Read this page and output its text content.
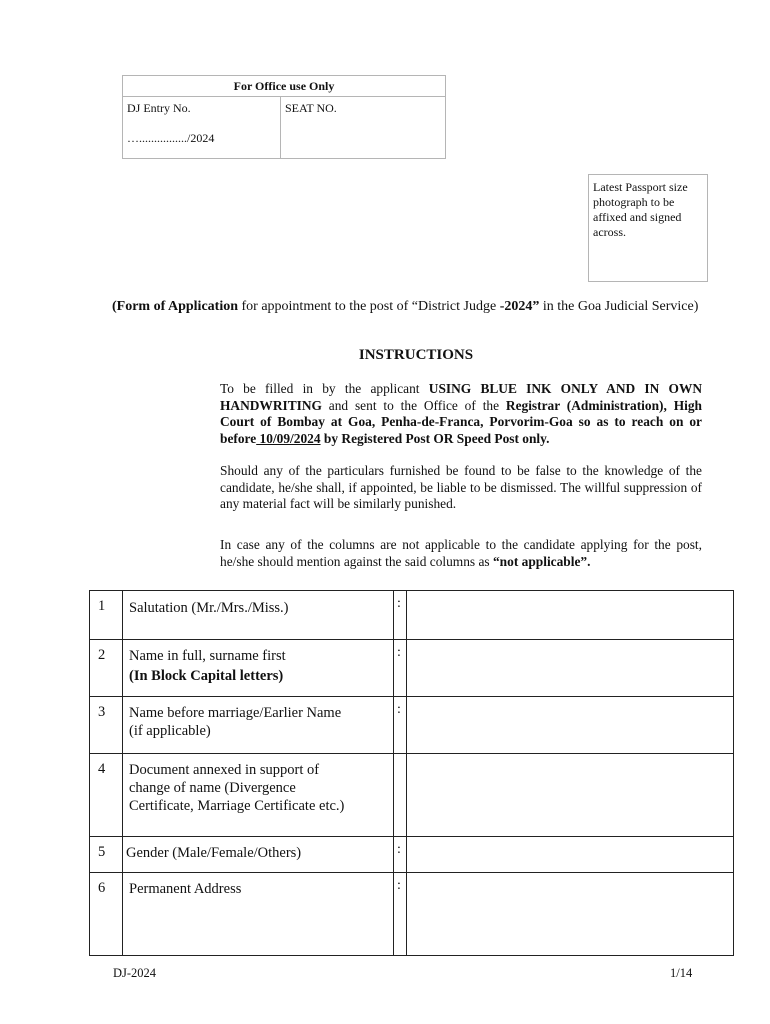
For Office use Only
DJ Entry No.
…................/2024
SEAT NO.
Latest Passport size photograph to be affixed and signed across.
(Form of Application for appointment to the post of “District Judge -2024” in the Goa Judicial Service)
INSTRUCTIONS
To be filled in by the applicant USING BLUE INK ONLY AND IN OWN HANDWRITING and sent to the Office of the Registrar (Administration), High Court of Bombay at Goa, Penha-de-Franca, Porvorim-Goa so as to reach on or before 10/09/2024 by Registered Post OR Speed Post only.
Should any of the particulars furnished be found to be false to the knowledge of the candidate, he/she shall, if appointed, be liable to be dismissed. The willful suppression of any material fact will be similarly punished.
In case any of the columns are not applicable to the candidate applying for the post, he/she should mention against the said columns as “not applicable”.
1 Salutation (Mr./Mrs./Miss.)	:
2 Name in full, surname first
(In Block Capital letters)
:
3 Name before marriage/Earlier Name
(if applicable)
:
4 Document annexed in support of
change of name (Divergence
Certificate, Marriage Certificate etc.)
5 Gender (Male/Female/Others)	:
6 Permanent Address	:
DJ-2024	1/14
